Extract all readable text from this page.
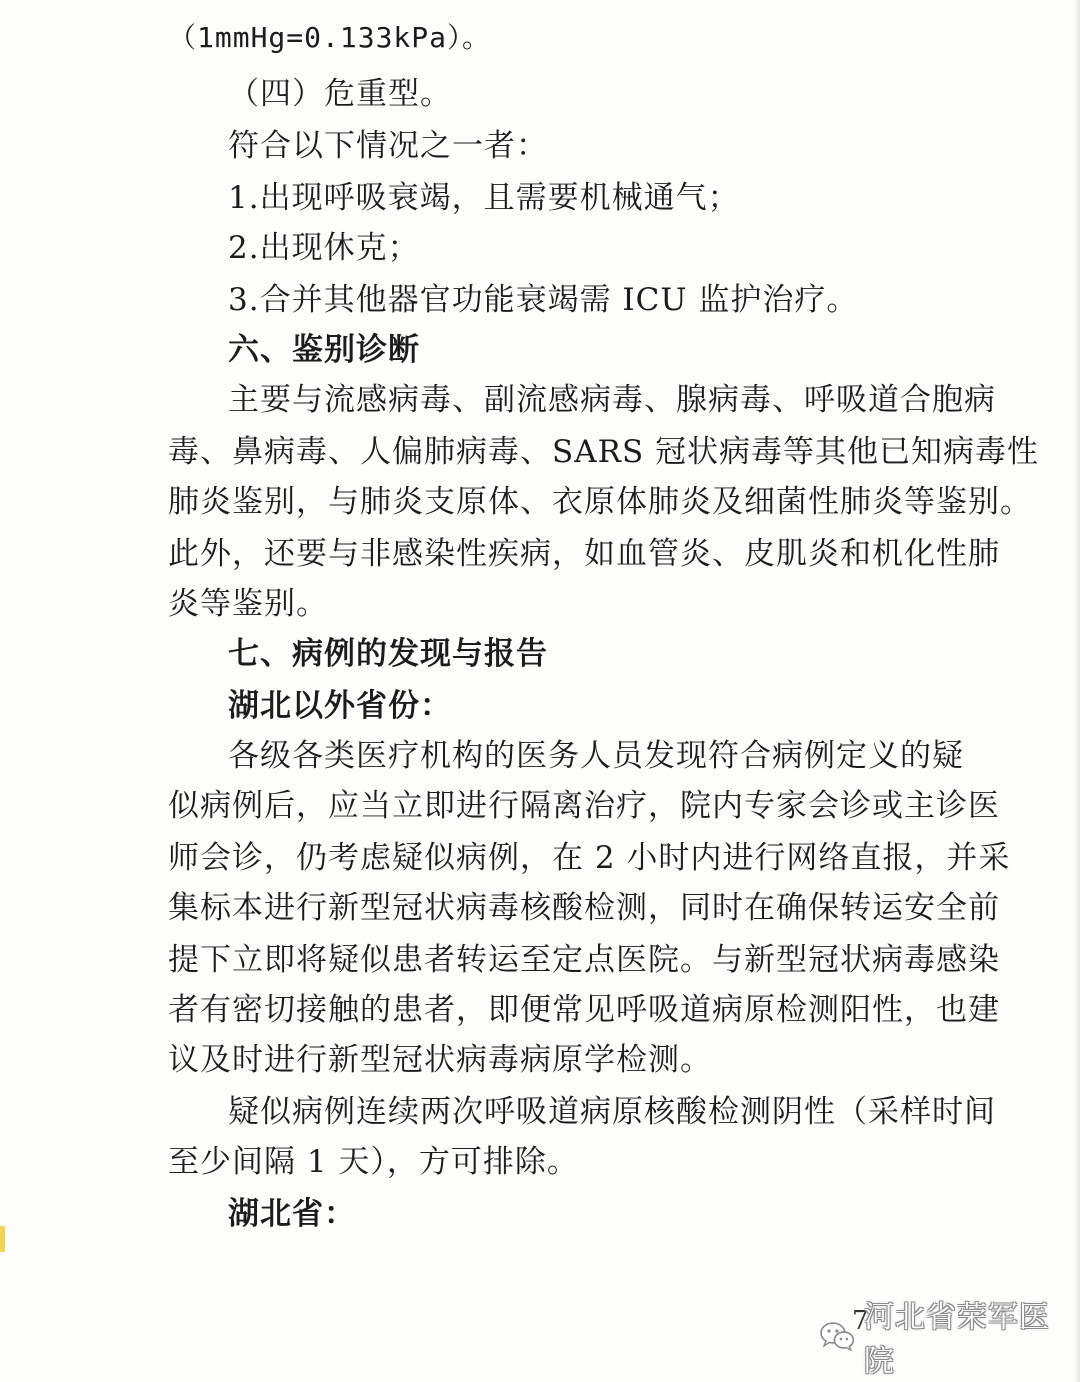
（1mmHg=0.133kPa）。
（四）危重型。
符合以下情况之一者：
1.出现呼吸衰竭，且需要机械通气；
2.出现休克；
3.合并其他器官功能衰竭需 ICU 监护治疗。
六、鉴别诊断
主要与流感病毒、副流感病毒、腺病毒、呼吸道合胞病
毒、鼻病毒、人偏肺病毒、SARS 冠状病毒等其他已知病毒性
肺炎鉴别，与肺炎支原体、衣原体肺炎及细菌性肺炎等鉴别。
此外，还要与非感染性疾病，如血管炎、皮肌炎和机化性肺
炎等鉴别。
七、病例的发现与报告
湖北以外省份：
各级各类医疗机构的医务人员发现符合病例定义的疑
似病例后，应当立即进行隔离治疗，院内专家会诊或主诊医
师会诊，仍考虑疑似病例，在 2 小时内进行网络直报，并采
集标本进行新型冠状病毒核酸检测，同时在确保转运安全前
提下立即将疑似患者转运至定点医院。与新型冠状病毒感染
者有密切接触的患者，即便常见呼吸道病原检测阳性，也建
议及时进行新型冠状病毒病原学检测。
疑似病例连续两次呼吸道病原核酸检测阴性（采样时间
至少间隔 1 天），方可排除。
湖北省：
7
河北省荣军医院
